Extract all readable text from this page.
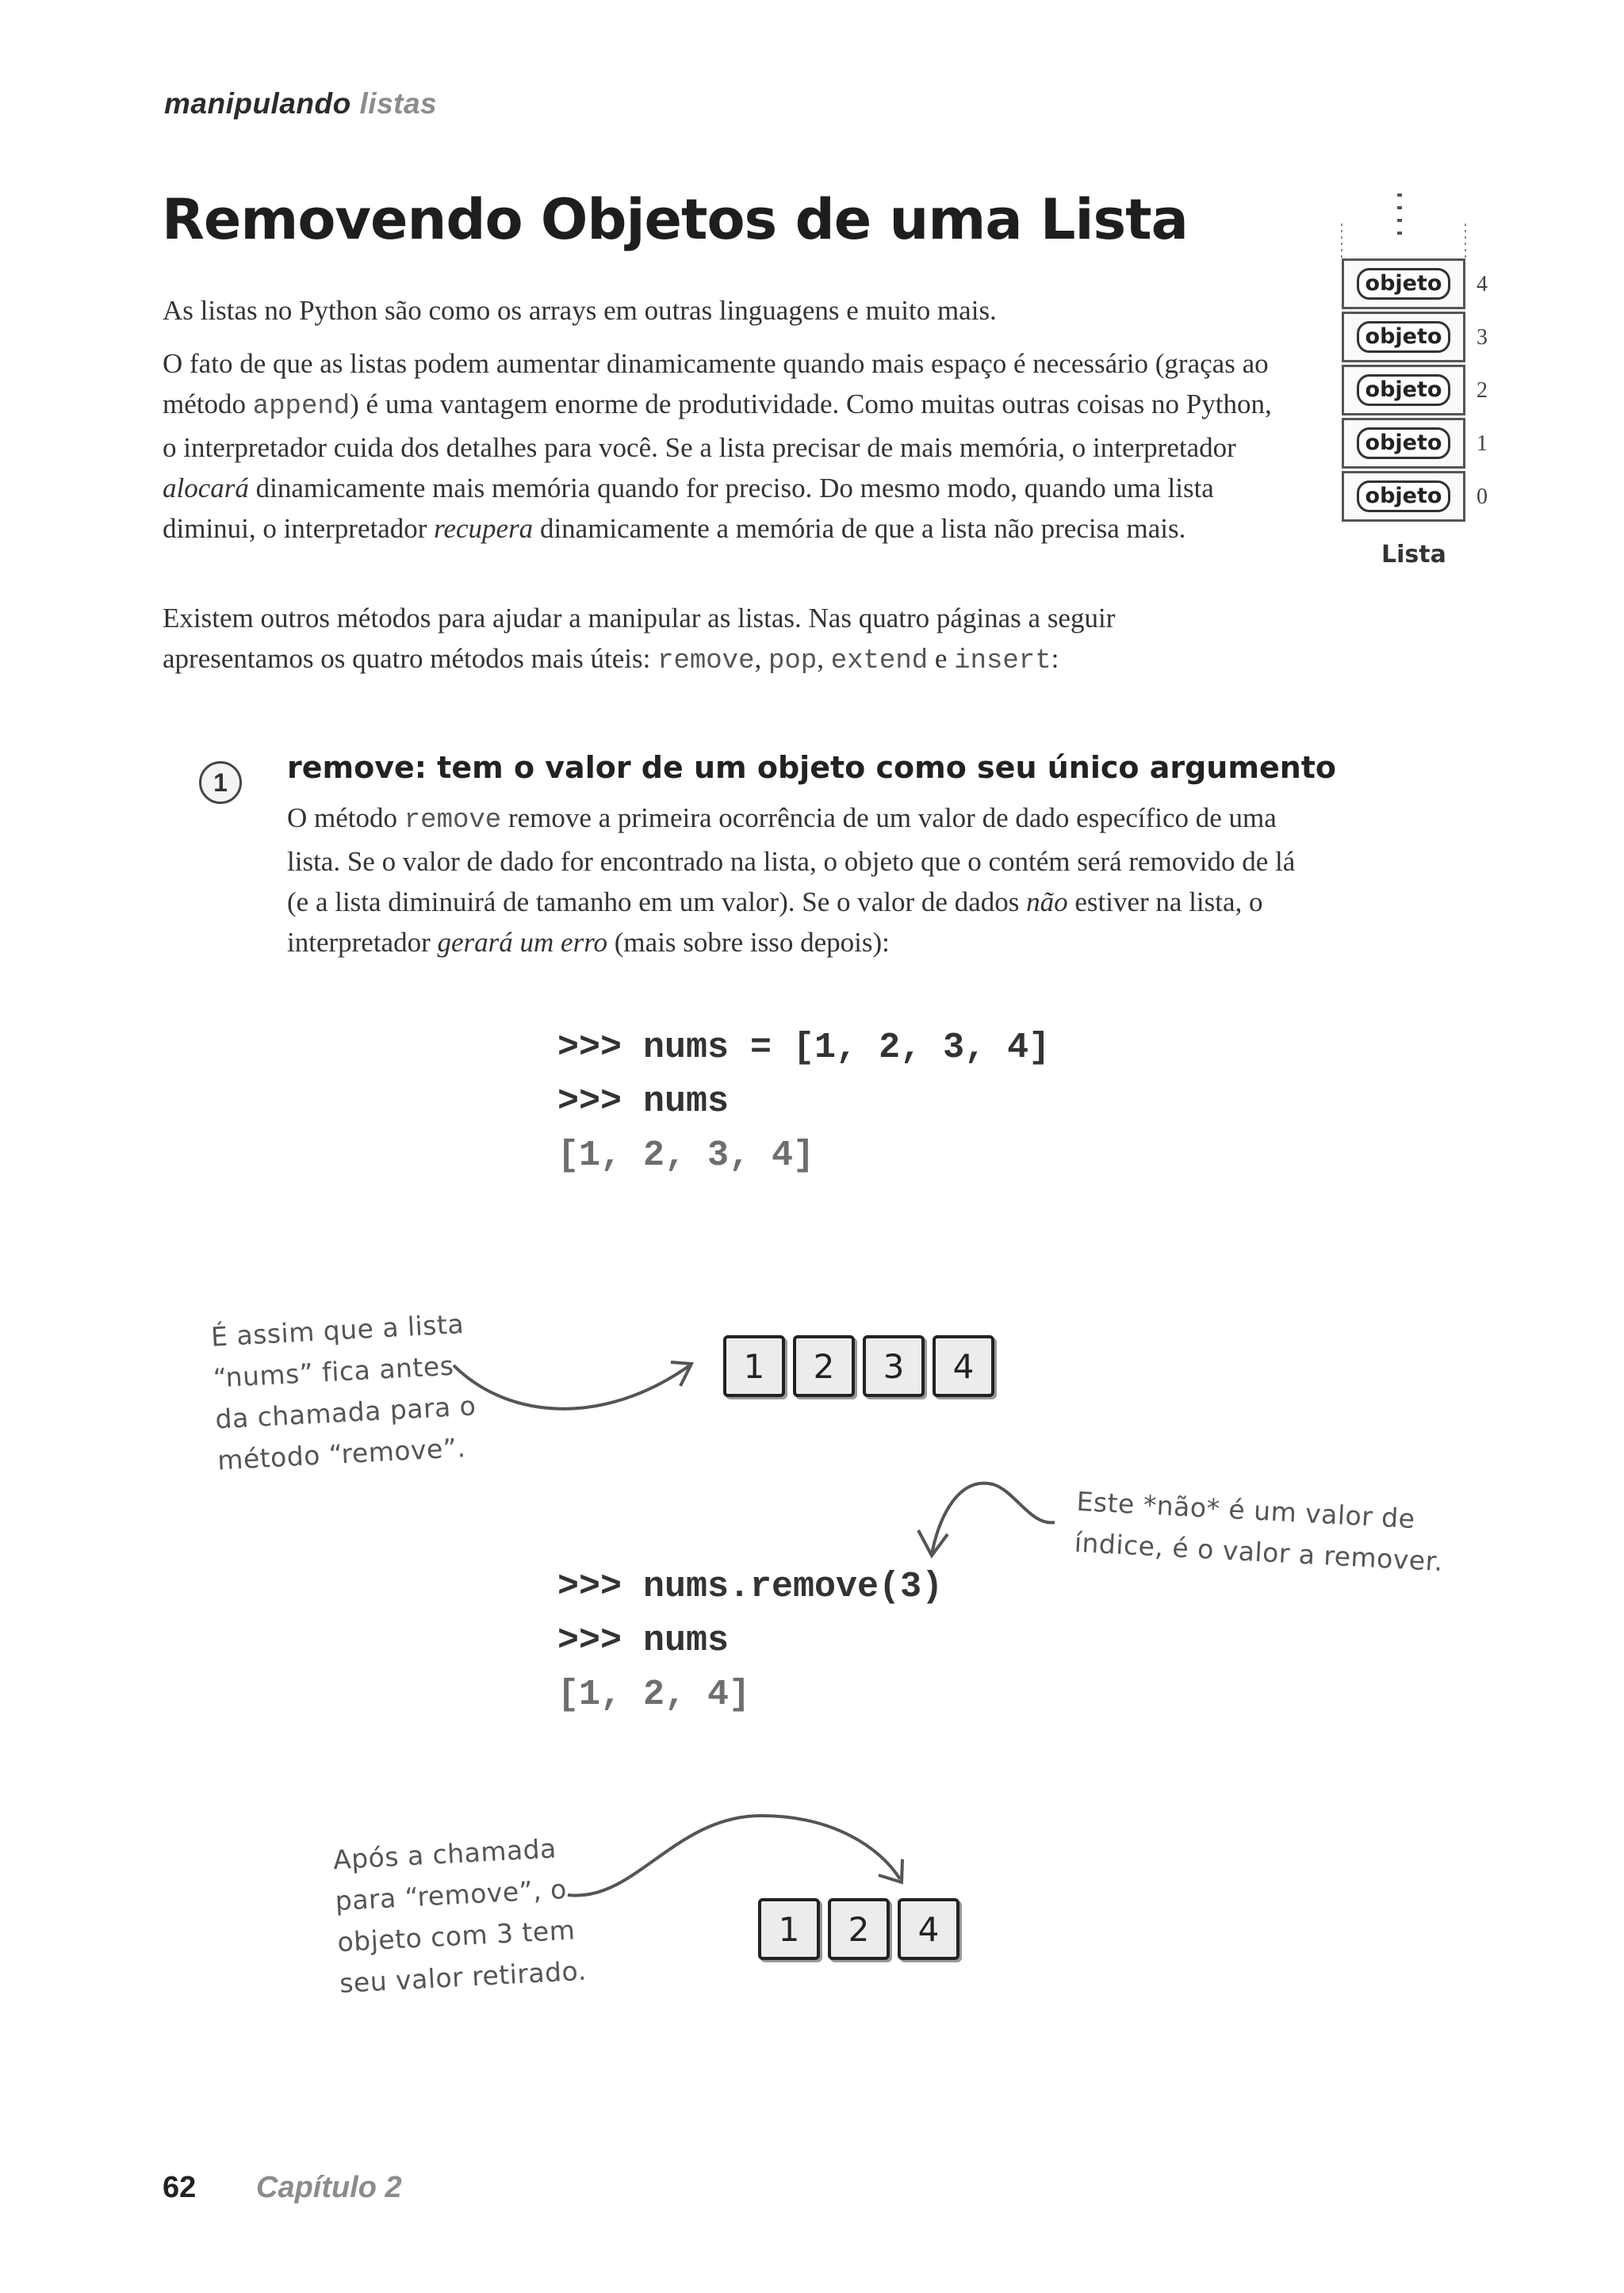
manipulando listas
Removendo Objetos de uma Lista
As listas no Python são como os arrays em outras linguagens e muito mais.
O fato de que as listas podem aumentar dinamicamente quando mais espaço é necessário (graças ao método append) é uma vantagem enorme de produtividade. Como muitas outras coisas no Python, o interpretador cuida dos detalhes para você. Se a lista precisar de mais memória, o interpretador alocará dinamicamente mais memória quando for preciso. Do mesmo modo, quando uma lista diminui, o interpretador recupera dinamicamente a memória de que a lista não precisa mais.
Existem outros métodos para ajudar a manipular as listas. Nas quatro páginas a seguir apresentamos os quatro métodos mais úteis: remove, pop, extend e insert:
1	remove: tem o valor de um objeto como seu único argumento
O método remove remove a primeira ocorrência de um valor de dado específico de uma lista. Se o valor de dado for encontrado na lista, o objeto que o contém será removido de lá (e a lista diminuirá de tamanho em um valor). Se o valor de dados não estiver na lista, o interpretador gerará um erro (mais sobre isso depois):
>>> nums = [1, 2, 3, 4]
>>> nums
[1, 2, 3, 4]
>>> nums.remove(3)
>>> nums
[1, 2, 4]
É assim que a lista
“nums” fica antes
da chamada para o
método “remove”.
Este *não* é um valor de
índice, é o valor a remover.
Após a chamada
para “remove”, o
objeto com 3 tem
seu valor retirado.
1	2	3	4
1	2	4
objeto
objeto
objeto
objeto
objeto
4
3
2
1
0
Lista
62 Capítulo 2
